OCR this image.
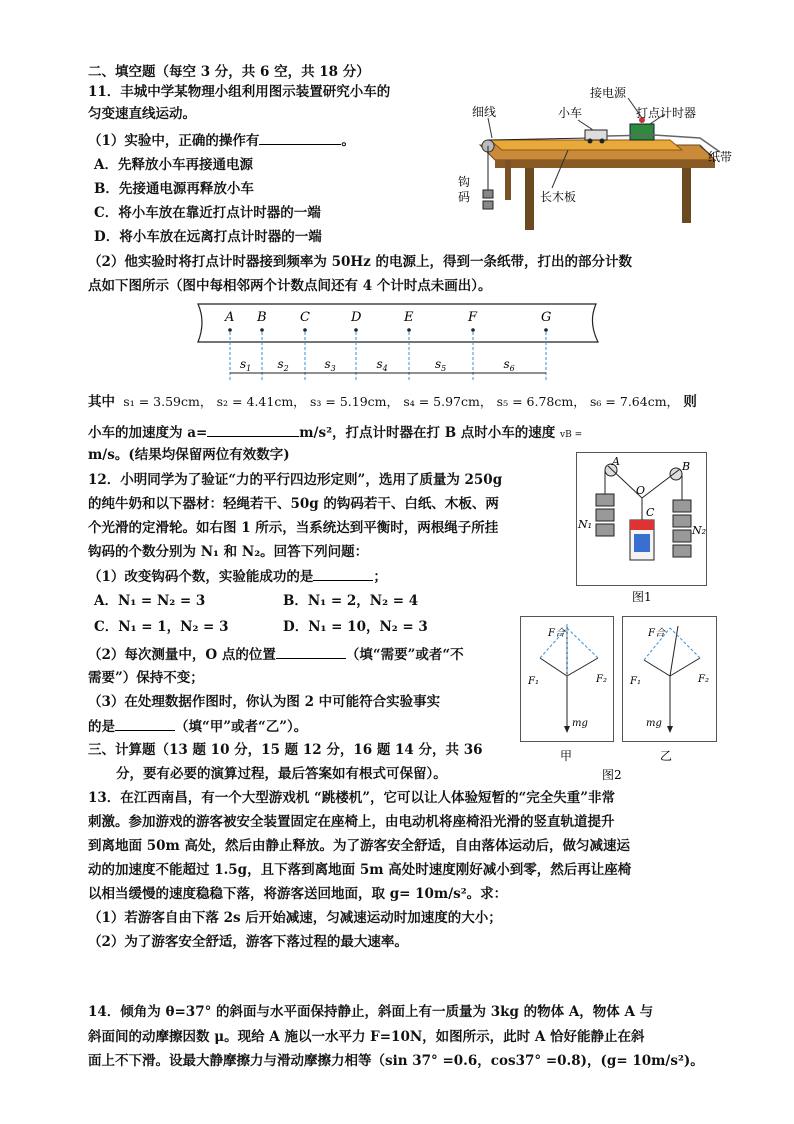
二、填空题（每空 3 分，共 6 空，共 18 分）
11．丰城中学某物理小组利用图示装置研究小车的
匀变速直线运动。
（1）实验中，正确的操作有	。
A．先释放小车再接通电源
B．先接通电源再释放小车
C．将小车放在靠近打点计时器的一端
D．将小车放在远离打点计时器的一端
（2）他实验时将打点计时器接到频率为 50Hz 的电源上，得到一条纸带，打出的部分计数
点如下图所示（图中每相邻两个计数点间还有 4 个计时点未画出）。
接电源
细线	小车	打点计时器
纸带
钩
码	长木板
A B	C	D	E	F	G
$s_1$ $s_2$	$s_3$	$s_4$	$s_5$	$s_6$
其中 s₁ = 3.59cm， s₂ = 4.41cm， s₃ = 5.19cm， s₄ = 5.97cm， s₅ = 6.78cm， s₆ = 7.64cm， 则
小车的加速度为 a=	m/s²，打点计时器在打 B 点时小车的速度 vB =
m/s。(结果均保留两位有效数字)
12．小明同学为了验证“力的平行四边形定则”，选用了质量为 250g
的纯牛奶和以下器材：轻绳若干、50g 的钩码若干、白纸、木板、两
个光滑的定滑轮。如右图 1 所示，当系统达到平衡时，两根绳子所挂
钩码的个数分别为 N₁ 和 N₂。回答下列问题：
（1）改变钩码个数，实验能成功的是	；
A．N₁ = N₂ = 3	B．N₁ = 2，N₂ = 4
C．N₁ = 1，N₂ = 3	D．N₁ = 10，N₂ = 3
（2）每次测量中，O 点的位置	（填“需要”或者“不
需要”）保持不变；
（3）在处理数据作图时，你认为图 2 中可能符合实验事实
的是	（填“甲”或者“乙”）。
A	B
O
C
N₁	N₂
图1
F合
F₁	F₂
mg
甲
F合
F₁	F₂
mg
乙
图2
三、计算题（13 题 10 分，15 题 12 分，16 题 14 分，共 36
分，要有必要的演算过程，最后答案如有根式可保留）。
13．在江西南昌，有一个大型游戏机 “跳楼机”，它可以让人体验短暂的“完全失重”非常
刺激。参加游戏的游客被安全装置固定在座椅上，由电动机将座椅沿光滑的竖直轨道提升
到离地面 50m 高处，然后由静止释放。为了游客安全舒适，自由落体运动后，做匀减速运
动的加速度不能超过 1.5g，且下落到离地面 5m 高处时速度刚好减小到零，然后再让座椅
以相当缓慢的速度稳稳下落，将游客送回地面，取 g= 10m/s²。求：
（1）若游客自由下落 2s 后开始减速，匀减速运动时加速度的大小；
（2）为了游客安全舒适，游客下落过程的最大速率。
14．倾角为 θ=37° 的斜面与水平面保持静止，斜面上有一质量为 3kg 的物体 A，物体 A 与
斜面间的动摩擦因数 μ。现给 A 施以一水平力 F=10N，如图所示，此时 A 恰好能静止在斜
面上不下滑。设最大静摩擦力与滑动摩擦力相等（sin 37° =0.6，cos37° =0.8)，(g= 10m/s²)。
